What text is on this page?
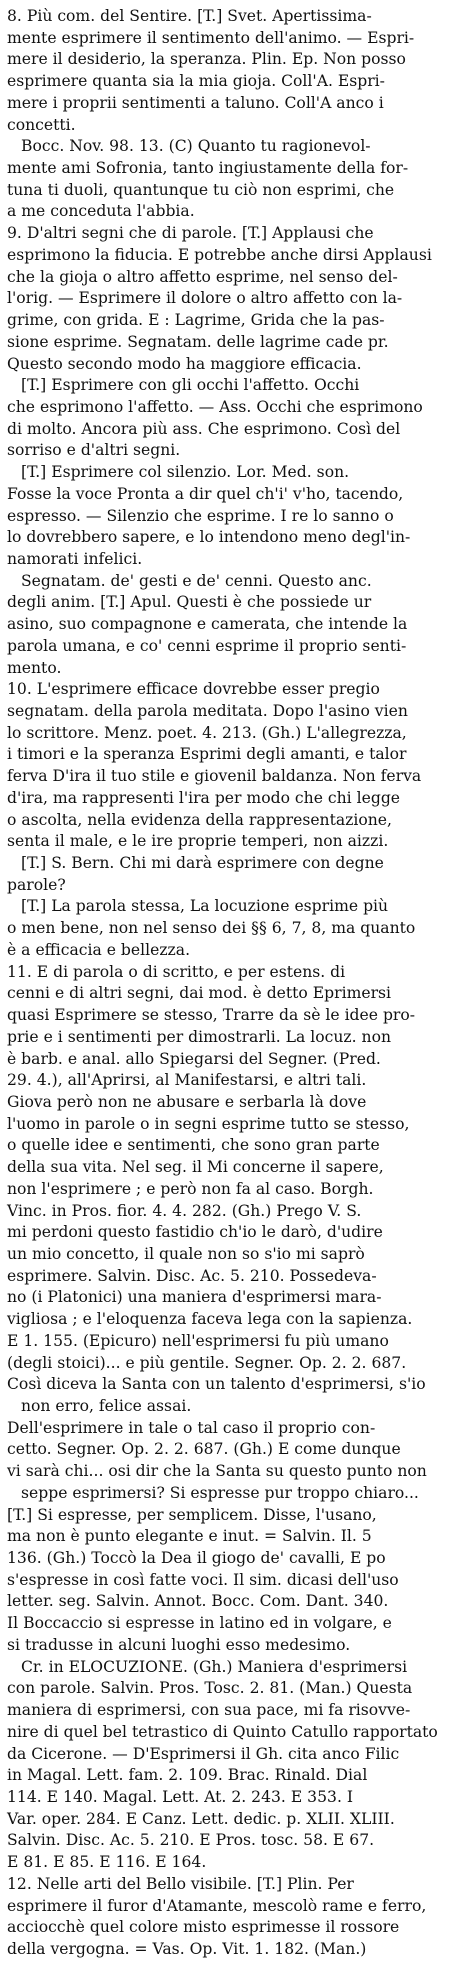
8. Più com. del Sentire. [T.] Svet. Apertissima-
mente esprimere il sentimento dell'animo. — Espri-
mere il desiderio, la speranza. Plin. Ep. Non posso
esprimere quanta sia la mia gioja. Coll'A. Espri-
mere i proprii sentimenti a taluno. Coll'A anco i
concetti.
Bocc. Nov. 98. 13. (C) Quanto tu ragionevol-
mente ami Sofronia, tanto ingiustamente della for-
tuna ti duoli, quantunque tu ciò non esprimi, che
a me conceduta l'abbia.
9. D'altri segni che di parole. [T.] Applausi che
esprimono la fiducia. E potrebbe anche dirsi Applausi
che la gioja o altro affetto esprime, nel senso del-
l'orig. — Esprimere il dolore o altro affetto con la-
grime, con grida. E : Lagrime, Grida che la pas-
sione esprime. Segnatam. delle lagrime cade pr.
Questo secondo modo ha maggiore efficacia.
[T.] Esprimere con gli occhi l'affetto. Occhi
che esprimono l'affetto. — Ass. Occhi che esprimono
di molto. Ancora più ass. Che esprimono. Così del
sorriso e d'altri segni.
[T.] Esprimere col silenzio. Lor. Med. son.
Fosse la voce Pronta a dir quel ch'i' v'ho, tacendo,
espresso. — Silenzio che esprime. I re lo sanno o
lo dovrebbero sapere, e lo intendono meno degl'in-
namorati infelici.
Segnatam. de' gesti e de' cenni. Questo anc.
degli anim. [T.] Apul. Questi è che possiede ur
asino, suo compagnone e camerata, che intende la
parola umana, e co' cenni esprime il proprio senti-
mento.
10. L'esprimere efficace dovrebbe esser pregio
segnatam. della parola meditata. Dopo l'asino vien
lo scrittore. Menz. poet. 4. 213. (Gh.) L'allegrezza,
i timori e la speranza Esprimi degli amanti, e talor
ferva D'ira il tuo stile e giovenil baldanza. Non ferva
d'ira, ma rappresenti l'ira per modo che chi legge
o ascolta, nella evidenza della rappresentazione,
senta il male, e le ire proprie temperi, non aizzi.
[T.] S. Bern. Chi mi darà esprimere con degne
parole?
[T.] La parola stessa, La locuzione esprime più
o men bene, non nel senso dei §§ 6, 7, 8, ma quanto
è a efficacia e bellezza.
11. E di parola o di scritto, e per estens. di
cenni e di altri segni, dai mod. è detto Eprimersi
quasi Esprimere se stesso, Trarre da sè le idee pro-
prie e i sentimenti per dimostrarli. La locuz. non
è barb. e anal. allo Spiegarsi del Segner. (Pred.
29. 4.), all'Aprirsi, al Manifestarsi, e altri tali.
Giova però non ne abusare e serbarla là dove
l'uomo in parole o in segni esprime tutto se stesso,
o quelle idee e sentimenti, che sono gran parte
della sua vita. Nel seg. il Mi concerne il sapere,
non l'esprimere ; e però non fa al caso. Borgh.
Vinc. in Pros. fior. 4. 4. 282. (Gh.) Prego V. S.
mi perdoni questo fastidio ch'io le darò, d'udire
un mio concetto, il quale non so s'io mi saprò
esprimere. Salvin. Disc. Ac. 5. 210. Possedeva-
no (i Platonici) una maniera d'esprimersi mara-
vigliosa ; e l'eloquenza faceva lega con la sapienza.
E 1. 155. (Epicuro) nell'esprimersi fu più umano
(degli stoici)... e più gentile. Segner. Op. 2. 2. 687.
Così diceva la Santa con un talento d'esprimersi, s'io
non erro, felice assai.
Dell'esprimere in tale o tal caso il proprio con-
cetto. Segner. Op. 2. 2. 687. (Gh.) E come dunque
vi sarà chi... osi dir che la Santa su questo punto non
seppe esprimersi? Si espresse pur troppo chiaro...
[T.] Si espresse, per semplicem. Disse, l'usano,
ma non è punto elegante e inut. = Salvin. Il. 5
136. (Gh.) Toccò la Dea il giogo de' cavalli, E po
s'espresse in così fatte voci. Il sim. dicasi dell'uso
letter. seg. Salvin. Annot. Bocc. Com. Dant. 340.
Il Boccaccio si espresse in latino ed in volgare, e
si tradusse in alcuni luoghi esso medesimo.
Cr. in ELOCUZIONE. (Gh.) Maniera d'esprimersi
con parole. Salvin. Pros. Tosc. 2. 81. (Man.) Questa
maniera di esprimersi, con sua pace, mi fa risovve-
nire di quel bel tetrastico di Quinto Catullo rapportato
da Cicerone. — D'Esprimersi il Gh. cita anco Filic
in Magal. Lett. fam. 2. 109. Brac. Rinald. Dial
114. E 140. Magal. Lett. At. 2. 243. E 353. I
Var. oper. 284. E Canz. Lett. dedic. p. XLII. XLIII.
Salvin. Disc. Ac. 5. 210. E Pros. tosc. 58. E 67.
E 81. E 85. E 116. E 164.
12. Nelle arti del Bello visibile. [T.] Plin. Per
esprimere il furor d'Atamante, mescolò rame e ferro,
acciocchè quel colore misto esprimesse il rossore
della vergogna. = Vas. Op. Vit. 1. 182. (Man.)
